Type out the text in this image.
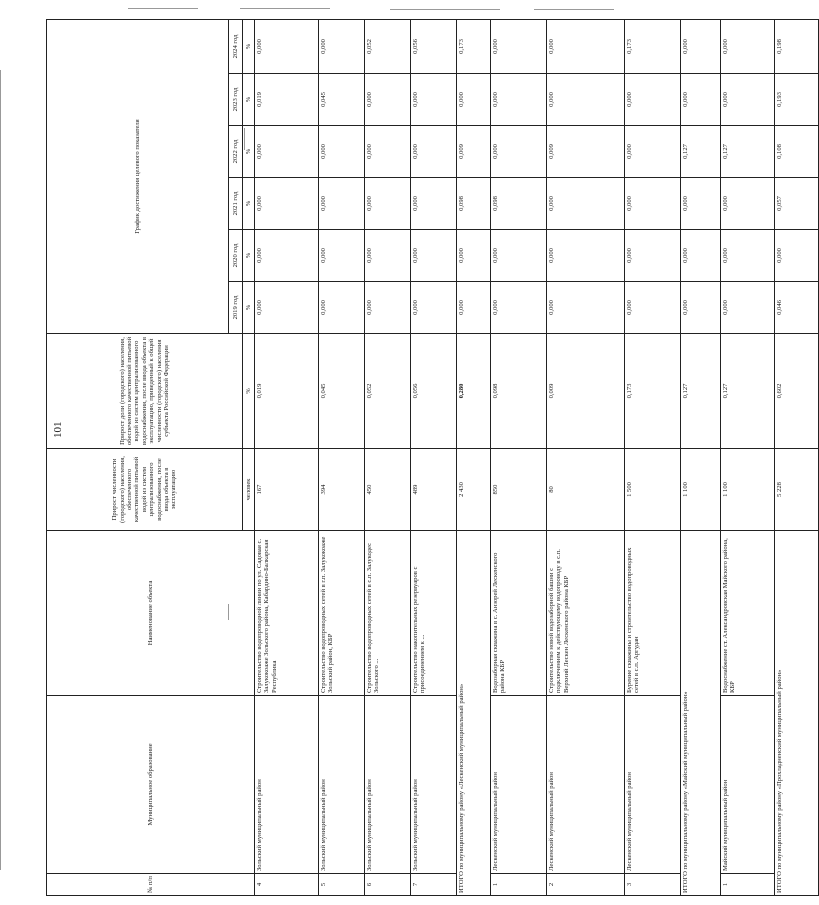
101
№ п/п	Муниципальное образование	Наименование объекта	Прирост численности (городского) населения, обеспеченного качественной питьевой водой из систем централизованного водоснабжения, после ввода объекта в эксплуатацию	Прирост доли (городского) населения, обеспеченного качественной питьевой водой из систем централизованного водоснабжения, после ввода объекта в эксплуатацию, приведенный к общей численности (городского) населения субъекта Российской Федерации	График достижения целевого показателя					
					2019 год	2020 год	2021 год	2022 год	2023 год	2024 год
			человек	%	%	%	%	%	%	%
4	Зольский муниципальный район	Строительство водопроводной линии по ул. Садовая с. Залукокоаже Зольского района, Кабардино-Балкарская Республика	167	0,019	0,000	0,000	0,000	0,000	0,019	0,000
5	Зольский муниципальный район	Строительство водопроводных сетей в г.п. Залукокоаже Зольский район, КБР	394	0,045	0,000	0,000	0,000	0,000	0,045	0,000
6	Зольский муниципальный район	Строительство водопроводных сетей в с.п. Залукодес Зольского ...	450	0,052	0,000	0,000	0,000	0,000	0,000	0,052
7	Зольский муниципальный район	Строительство накопительных резервуаров с присоединением к ...	489	0,056	0,000	0,000	0,000	0,000	0,000	0,056
ИТОГО по муниципальному району «Лескенский муниципальный район»			2 430	0,280	0,000	0,000	0,098	0,009	0,000	0,173
1	Лескенский муниципальный район	Водозаборная скважина в с. Анзорей Лескенского района КБР	850	0,098	0,000	0,000	0,098	0,000	0,000	0,000
2	Лескенский муниципальный район	Строительство новой водозаборной башни с подключением к действующему водопроводу в с.п. Верхний Лескен Лескенского района КБР	80	0,009	0,000	0,000	0,000	0,009	0,000	0,000
3	Лескенский муниципальный район	Бурение скважины и строительство водопроводных сетей в с.п. Аргудан	1 500	0,173	0,000	0,000	0,000	0,000	0,000	0,173
ИТОГО по муниципальному району «Майский муниципальный район»			1 100	0,127	0,000	0,000	0,000	0,127	0,000	0,000
1	Майский муниципальный район	Водоснабжение ст. Александровская Майского района, КБР	1 100	0,127	0,000	0,000	0,000	0,127	0,000	0,000
ИТОГО по муниципальному району «Прохладненский муниципальный район»			5 228	0,602	0,046	0,000	0,057	0,108	0,193	0,198
